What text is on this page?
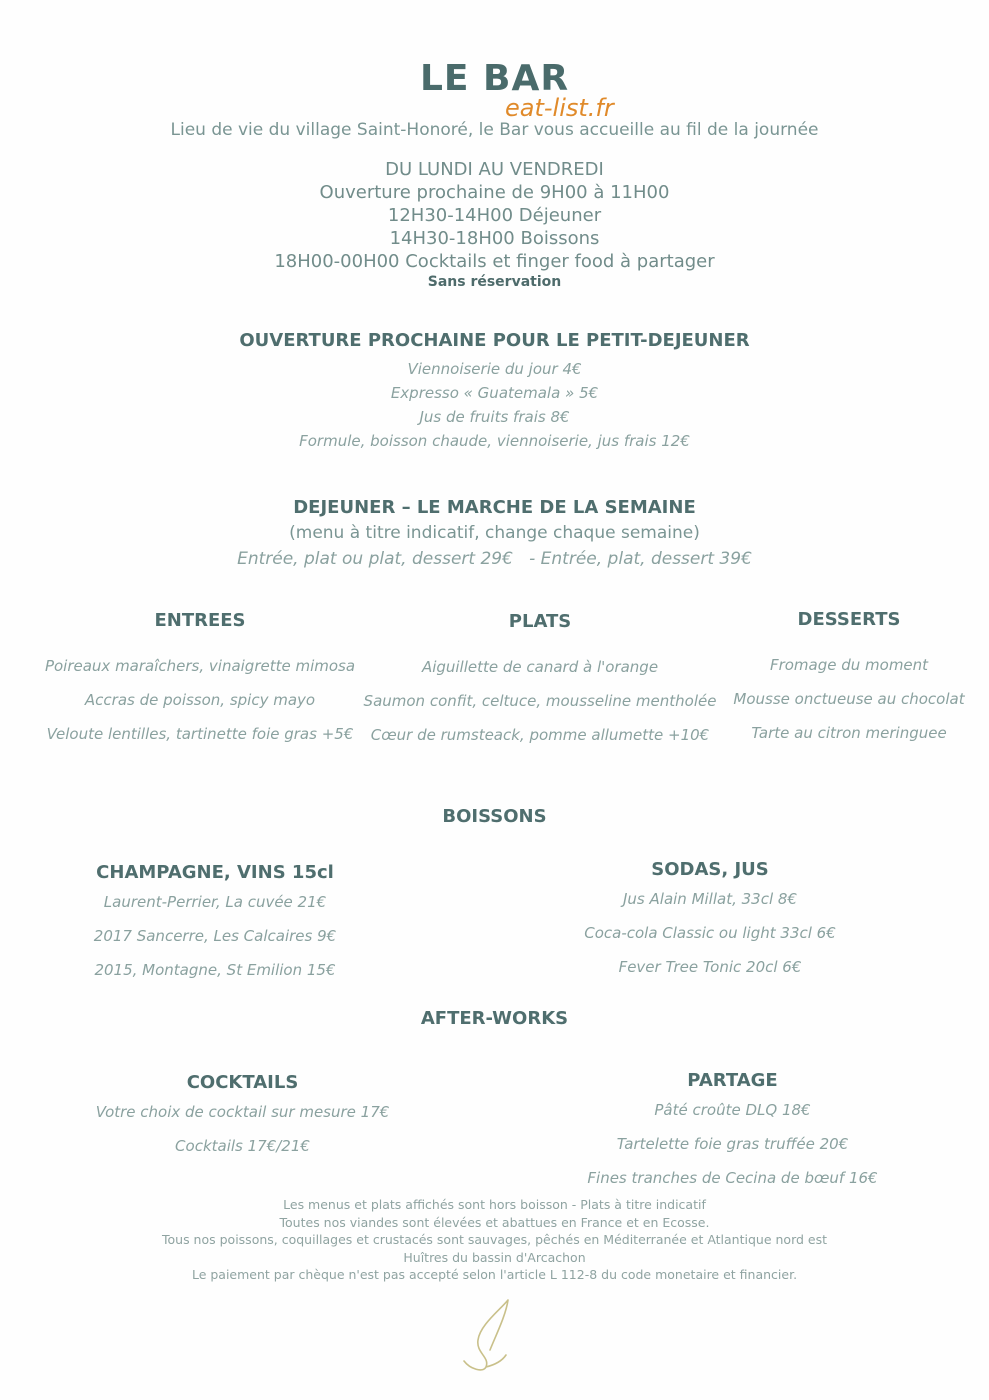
LE BAR
eat-list.fr
Lieu de vie du village Saint-Honoré, le Bar vous accueille au fil de la journée
DU LUNDI AU VENDREDI
Ouverture prochaine de 9H00 à 11H00
12H30-14H00 Déjeuner
14H30-18H00 Boissons
18H00-00H00 Cocktails et finger food à partager
Sans réservation
OUVERTURE PROCHAINE POUR LE PETIT-DEJEUNER
Viennoiserie du jour 4€
Expresso « Guatemala » 5€
Jus de fruits frais 8€
Formule, boisson chaude, viennoiserie, jus frais 12€
DEJEUNER – LE MARCHE DE LA SEMAINE
(menu à titre indicatif, change chaque semaine)
Entrée, plat ou plat, dessert 29€   - Entrée, plat, dessert 39€
ENTREES
Poireaux maraîchers, vinaigrette mimosa
Accras de poisson, spicy mayo
Veloute lentilles, tartinette foie gras +5€
PLATS
Aiguillette de canard à l'orange
Saumon confit, celtuce, mousseline mentholée
Cœur de rumsteack, pomme allumette +10€
DESSERTS
Fromage du moment
Mousse onctueuse au chocolat
Tarte au citron meringuee
BOISSONS
CHAMPAGNE, VINS 15cl
Laurent-Perrier, La cuvée 21€
2017 Sancerre, Les Calcaires 9€
2015, Montagne, St Emilion 15€
SODAS, JUS
Jus Alain Millat, 33cl 8€
Coca-cola Classic ou light 33cl 6€
Fever Tree Tonic 20cl 6€
AFTER-WORKS
COCKTAILS
Votre choix de cocktail sur mesure 17€
Cocktails 17€/21€
PARTAGE
Pâté croûte DLQ 18€
Tartelette foie gras truffée 20€
Fines tranches de Cecina de bœuf 16€
Les menus et plats affichés sont hors boisson - Plats à titre indicatif
Toutes nos viandes sont élevées et abattues en France et en Ecosse.
Tous nos poissons, coquillages et crustacés sont sauvages, pêchés en Méditerranée et Atlantique nord est
Huîtres du bassin d'Arcachon
Le paiement par chèque n'est pas accepté selon l'article L 112-8 du code monetaire et financier.
